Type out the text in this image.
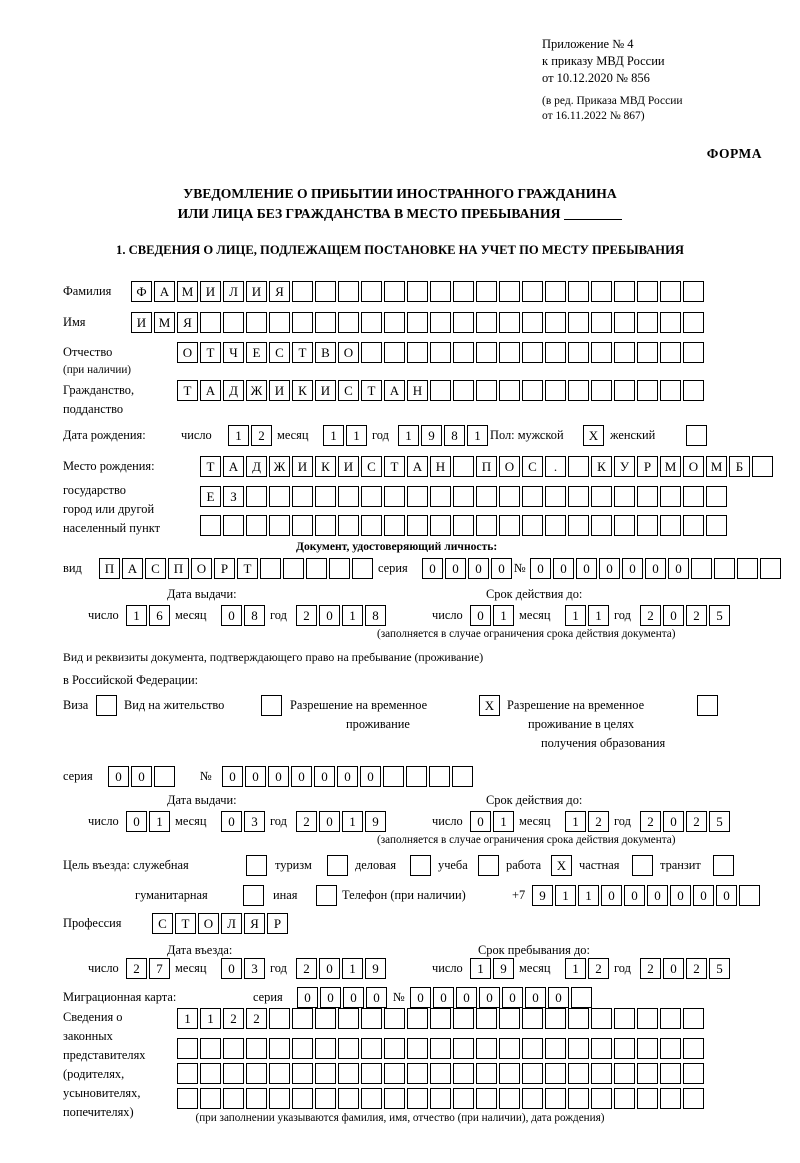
Приложение № 4
к приказу МВД России
от 10.12.2020 № 856
(в ред. Приказа МВД России
от 16.11.2022 № 867)
ФОРМА
УВЕДОМЛЕНИЕ О ПРИБЫТИИ ИНОСТРАННОГО ГРАЖДАНИНА
ИЛИ ЛИЦА БЕЗ ГРАЖДАНСТВА В МЕСТО ПРЕБЫВАНИЯ
1. СВЕДЕНИЯ О ЛИЦЕ, ПОДЛЕЖАЩЕМ ПОСТАНОВКЕ НА УЧЕТ ПО МЕСТУ ПРЕБЫВАНИЯ
Фамилия	Ф	А М И	Л	И	Я
Имя	И М Я
Отчество
(при наличии)
О	Т	Ч	Е	С	Т	В	О
Гражданство,
подданство
Т	А	Д Ж И	К	И	С	Т	А	Н
Дата рождения:	число	1	2 месяц	1	1 год	1	9	8	1 Пол: мужской	X женский
Место рождения:	Т	А	Д Ж И	К	И	С	Т	А	Н	П	О	С	.	К	У	Р	М О М	Б
государство	Е	З
город или другой
населенный пункт
Документ, удостоверяющий личность:
вид	П	А	С	П	О	Р	Т	серия	0	0	0	0 № 0	0	0	0	0	0	0
Дата выдачи:	Срок действия до:
число	1	6 месяц	0	8 год	2	0	1	8	число	0	1 месяц	1	1 год	2	0	2	5
(заполняется в случае ограничения срока действия документа)
Вид и реквизиты документа, подтверждающего право на пребывание (проживание)
в Российской Федерации:
Виза	Вид на жительство	Разрешение на временное
проживание
X	Разрешение на временное
проживание в целях
получения образования
серия	0	0	№	0	0	0	0	0	0	0
Дата выдачи:	Срок действия до:
число	0	1 месяц	0	3 год	2	0	1	9	число	0	1 месяц	1	2 год	2	0	2	5
(заполняется в случае ограничения срока действия документа)
Цель въезда: служебная	туризм	деловая	учеба	работа	X	частная	транзит
гуманитарная	иная	Телефон (при наличии)	+7	9	1	1	0	0	0	0	0	0
Профессия	С	Т	О	Л	Я	Р
Дата въезда:	Срок пребывания до:
число	2	7 месяц	0	3 год	2	0	1	9	число	1	9 месяц	1	2 год	2	0	2	5
Миграционная карта:	серия	0	0	0	0	№ 0	0	0	0	0	0	0
Сведения о
законных
представителях
(родителях,
усыновителях,
попечителях)
1	1	2	2
(при заполнении указываются фамилия, имя, отчество (при наличии), дата рождения)
